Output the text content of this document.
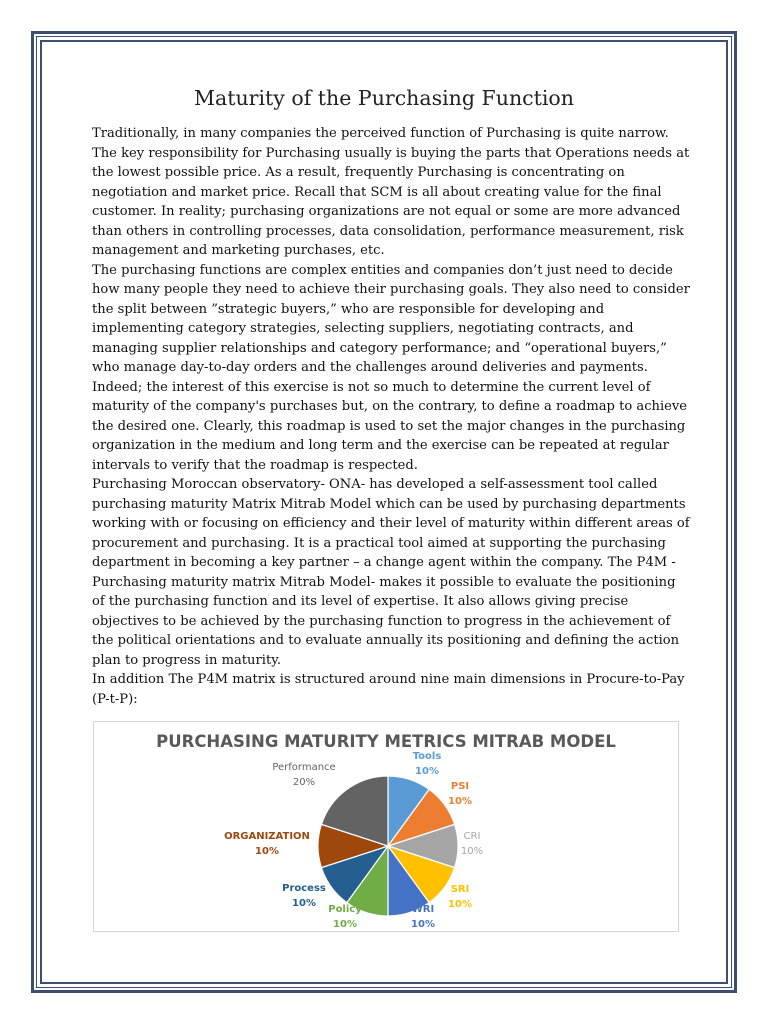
Maturity of the Purchasing Function

Traditionally, in many companies the perceived function of Purchasing is quite narrow. The key responsibility for Purchasing usually is buying the parts that Operations needs at the lowest possible price. As a result, frequently Purchasing is concentrating on negotiation and market price. Recall that SCM is all about creating value for the final customer. In reality; purchasing organizations are not equal or some are more advanced than others in controlling processes, data consolidation, performance measurement, risk management and marketing purchases, etc.

The purchasing functions are complex entities and companies don’t just need to decide how many people they need to achieve their purchasing goals. They also need to consider the split between ”strategic buyers,” who are responsible for developing and implementing category strategies, selecting suppliers, negotiating contracts, and managing supplier relationships and category performance; and “operational buyers,” who manage day-to-day orders and the challenges around deliveries and payments. Indeed; the interest of this exercise is not so much to determine the current level of maturity of the company's purchases but, on the contrary, to define a roadmap to achieve the desired one. Clearly, this roadmap is used to set the major changes in the purchasing organization in the medium and long term and the exercise can be repeated at regular intervals to verify that the roadmap is respected.

Purchasing Moroccan observatory- ONA- has developed a self-assessment tool called purchasing maturity Matrix Mitrab Model which can be used by purchasing departments working with or focusing on efficiency and their level of maturity within different areas of procurement and purchasing. It is a practical tool aimed at supporting the purchasing department in becoming a key partner – a change agent within the company. The P4M -Purchasing maturity matrix Mitrab Model- makes it possible to evaluate the positioning of the purchasing function and its level of expertise. It also allows giving precise objectives to be achieved by the purchasing function to progress in the achievement of the political orientations and to evaluate annually its positioning and defining the action plan to progress in maturity.

In addition The P4M matrix is structured around nine main dimensions in Procure-to-Pay (P-t-P):

PURCHASING MATURITY METRICS MITRAB MODEL
Tools
10%
PSI
10%
CRI
10%
SRI
10%
WRI
10%
Policy
10%
Process
10%
ORGANIZATION
10%
Performance
20%
